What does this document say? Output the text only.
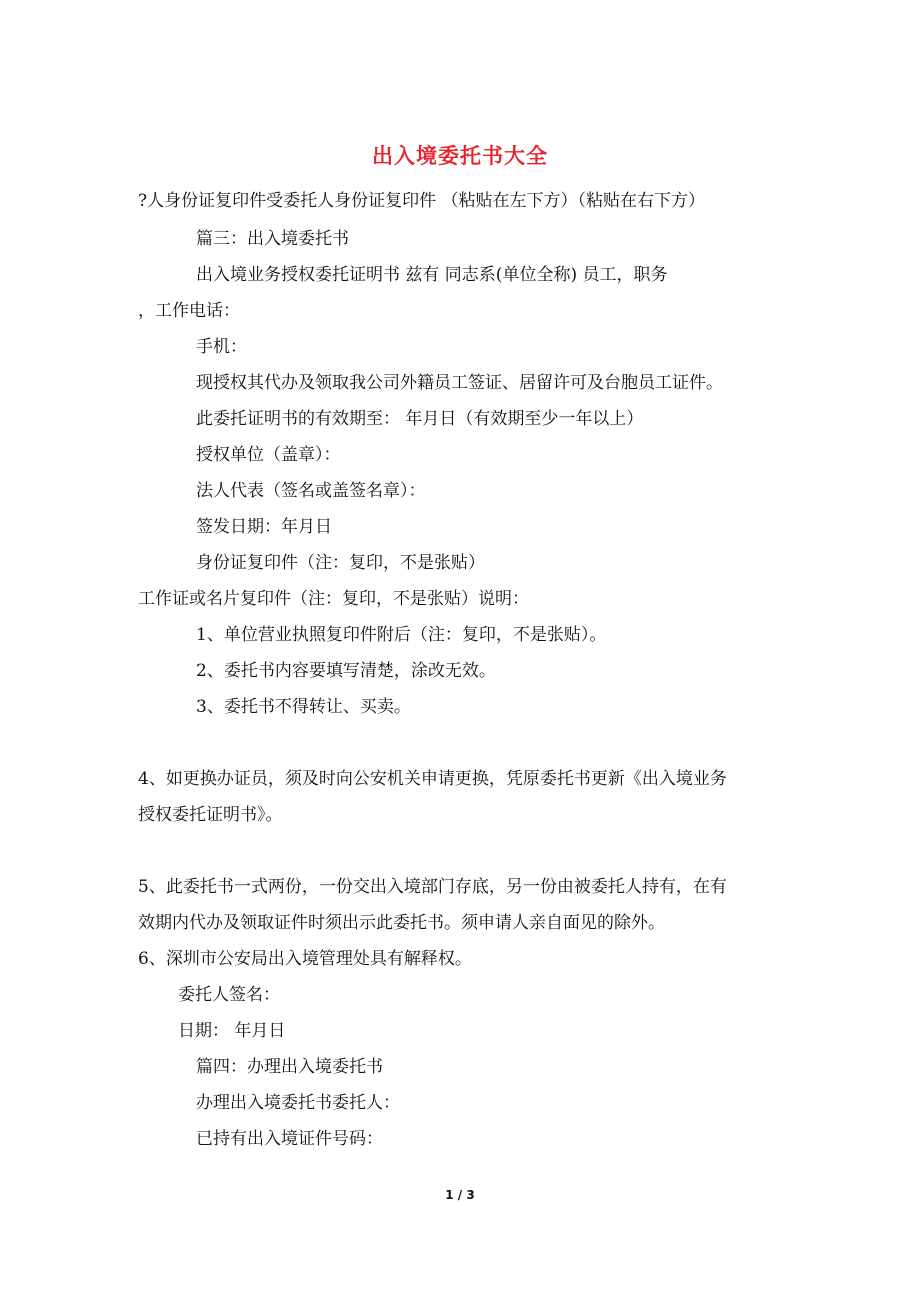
出入境委托书大全
?人身份证复印件受委托人身份证复印件 （粘贴在左下方）（粘贴在右下方）
篇三：出入境委托书
出入境业务授权委托证明书 兹有 同志系(单位全称) 员工，职务
，工作电话：
手机：
现授权其代办及领取我公司外籍员工签证、居留许可及台胞员工证件。
此委托证明书的有效期至： 年月日（有效期至少一年以上）
授权单位（盖章）：
法人代表（签名或盖签名章）：
签发日期：年月日
身份证复印件（注：复印，不是张贴）
工作证或名片复印件（注：复印，不是张贴）说明：
1、单位营业执照复印件附后（注：复印，不是张贴）。
2、委托书内容要填写清楚，涂改无效。
3、委托书不得转让、买卖。
4、如更换办证员，须及时向公安机关申请更换，凭原委托书更新《出入境业务
授权委托证明书》。
5、此委托书一式两份，一份交出入境部门存底，另一份由被委托人持有，在有
效期内代办及领取证件时须出示此委托书。须申请人亲自面见的除外。
6、深圳市公安局出入境管理处具有解释权。
委托人签名：
日期： 年月日
篇四：办理出入境委托书
办理出入境委托书委托人：
已持有出入境证件号码：
1 / 3
